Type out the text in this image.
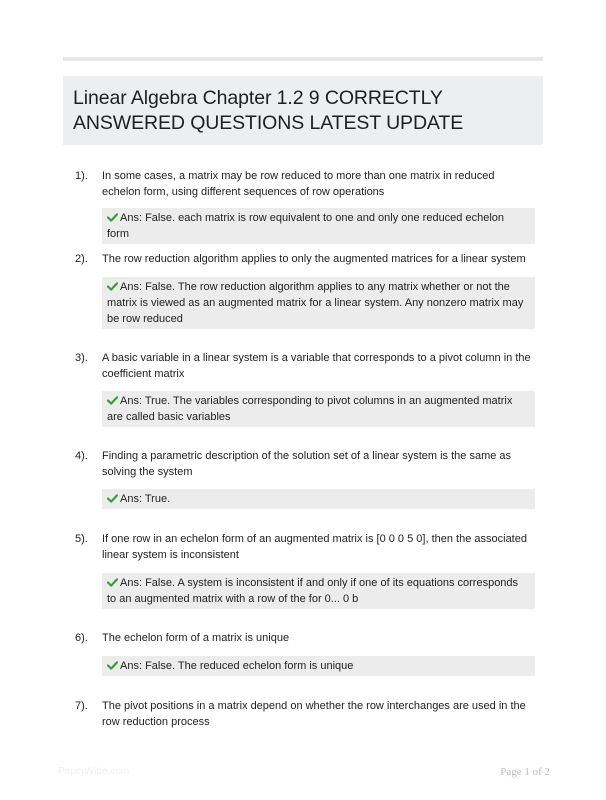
Linear Algebra Chapter 1.2 9 CORRECTLY
ANSWERED QUESTIONS LATEST UPDATE
1). In some cases, a matrix may be row reduced to more than one matrix in reduced echelon form, using different sequences of row operations
Ans: False. each matrix is row equivalent to one and only one reduced echelon form
2). The row reduction algorithm applies to only the augmented matrices for a linear system
Ans: False. The row reduction algorithm applies to any matrix whether or not the matrix is viewed as an augmented matrix for a linear system. Any nonzero matrix may be row reduced
3). A basic variable in a linear system is a variable that corresponds to a pivot column in the coefficient matrix
Ans: True. The variables corresponding to pivot columns in an augmented matrix are called basic variables
4). Finding a parametric description of the solution set of a linear system is the same as solving the system
Ans: True.
5). If one row in an echelon form of an augmented matrix is [0 0 0 5 0], then the associated linear system is inconsistent
Ans: False. A system is inconsistent if and only if one of its equations corresponds to an augmented matrix with a row of the for 0... 0 b
6). The echelon form of a matrix is unique
Ans: False. The reduced echelon form is unique
7). The pivot positions in a matrix depend on whether the row interchanges are used in the row reduction process
PaperWibe.com	Page 1 of 2
